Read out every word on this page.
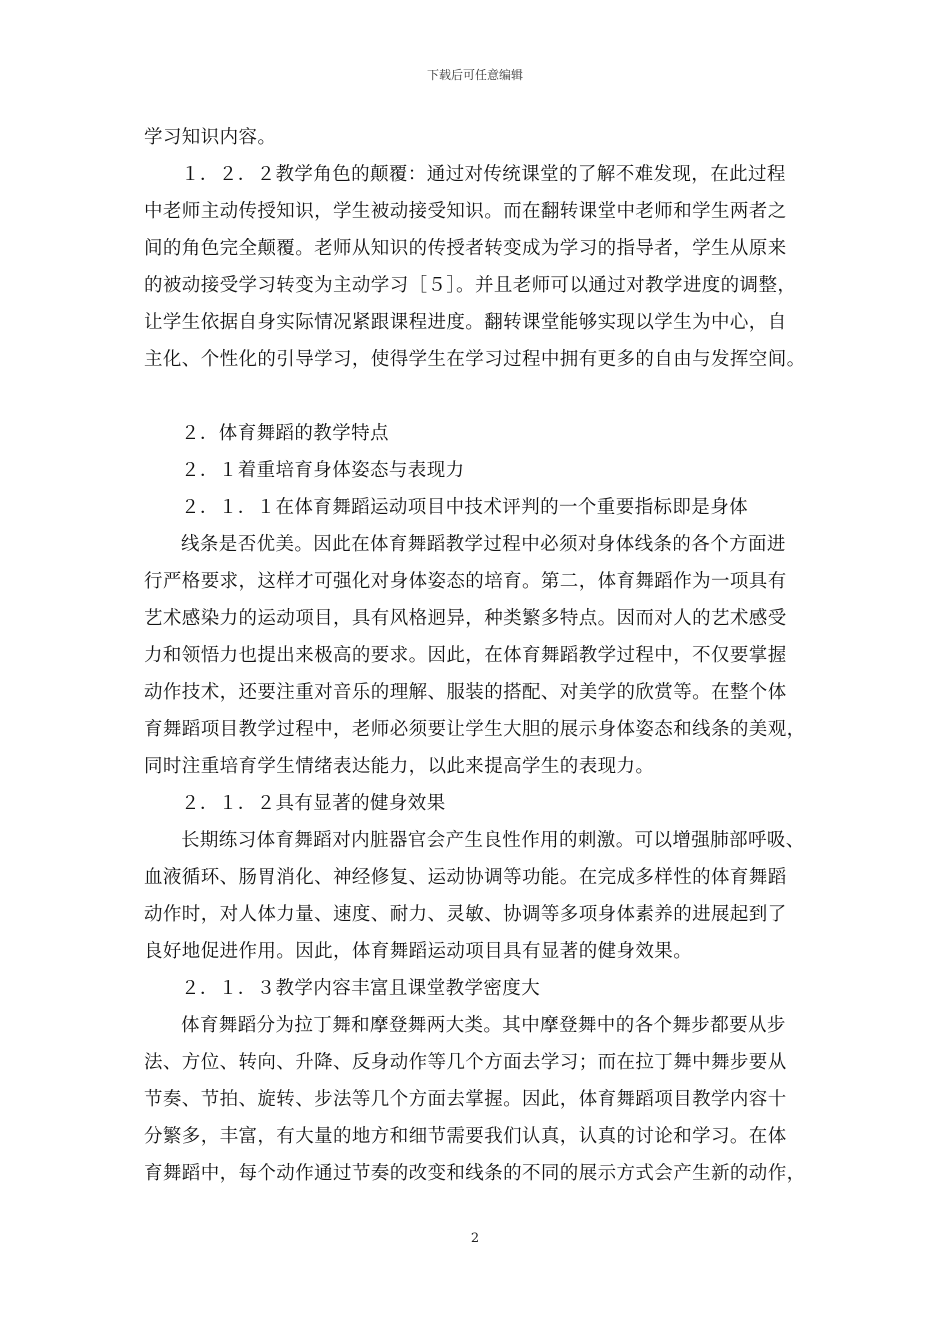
下载后可任意编辑
学习知识内容。
１．２．２教学角色的颠覆：通过对传统课堂的了解不难发现，在此过程
中老师主动传授知识，学生被动接受知识。而在翻转课堂中老师和学生两者之
间的角色完全颠覆。老师从知识的传授者转变成为学习的指导者，学生从原来
的被动接受学习转变为主动学习［５］。并且老师可以通过对教学进度的调整，
让学生依据自身实际情况紧跟课程进度。翻转课堂能够实现以学生为中心，自
主化、个性化的引导学习，使得学生在学习过程中拥有更多的自由与发挥空间。
２．体育舞蹈的教学特点
２．１着重培育身体姿态与表现力
２．１．１在体育舞蹈运动项目中技术评判的一个重要指标即是身体
线条是否优美。因此在体育舞蹈教学过程中必须对身体线条的各个方面进
行严格要求，这样才可强化对身体姿态的培育。第二，体育舞蹈作为一项具有
艺术感染力的运动项目，具有风格迥异，种类繁多特点。因而对人的艺术感受
力和领悟力也提出来极高的要求。因此，在体育舞蹈教学过程中，不仅要掌握
动作技术，还要注重对音乐的理解、服装的搭配、对美学的欣赏等。在整个体
育舞蹈项目教学过程中，老师必须要让学生大胆的展示身体姿态和线条的美观，
同时注重培育学生情绪表达能力，以此来提高学生的表现力。
２．１．２具有显著的健身效果
长期练习体育舞蹈对内脏器官会产生良性作用的刺激。可以增强肺部呼吸、
血液循环、肠胃消化、神经修复、运动协调等功能。在完成多样性的体育舞蹈
动作时，对人体力量、速度、耐力、灵敏、协调等多项身体素养的进展起到了
良好地促进作用。因此，体育舞蹈运动项目具有显著的健身效果。
２．１．３教学内容丰富且课堂教学密度大
体育舞蹈分为拉丁舞和摩登舞两大类。其中摩登舞中的各个舞步都要从步
法、方位、转向、升降、反身动作等几个方面去学习；而在拉丁舞中舞步要从
节奏、节拍、旋转、步法等几个方面去掌握。因此，体育舞蹈项目教学内容十
分繁多，丰富，有大量的地方和细节需要我们认真，认真的讨论和学习。在体
育舞蹈中，每个动作通过节奏的改变和线条的不同的展示方式会产生新的动作，
2
